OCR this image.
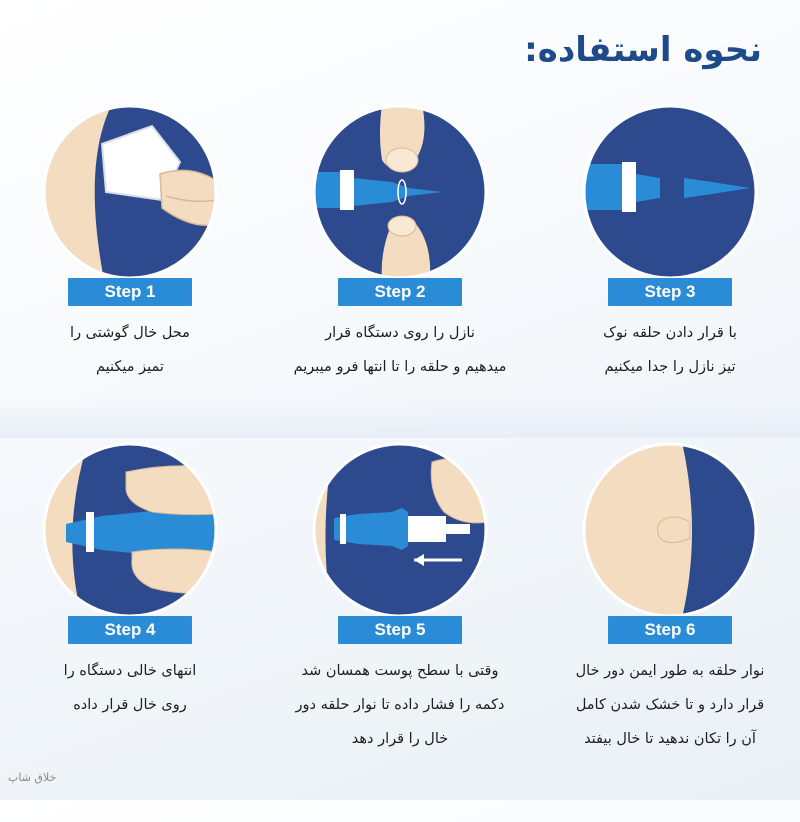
نحوه استفاده:
Step 1
محل خال گوشتی را
تمیز میکنیم
Step 2
نازل را روی دستگاه قرار
میدهیم و حلقه را تا انتها فرو میبریم
Step 3
با قرار دادن حلقه نوک
تیز نازل را جدا میکنیم
Step 4
انتهای خالی دستگاه را
روی خال قرار داده
Step 5
وقتی با سطح پوست همسان شد
دکمه را فشار داده تا نوار حلقه دور
خال را قرار دهد
Step 6
نوار حلقه به طور ایمن دور خال
قرار دارد و تا خشک شدن کامل
آن را تکان ندهید تا خال بیفتد
خلاق شاپ
